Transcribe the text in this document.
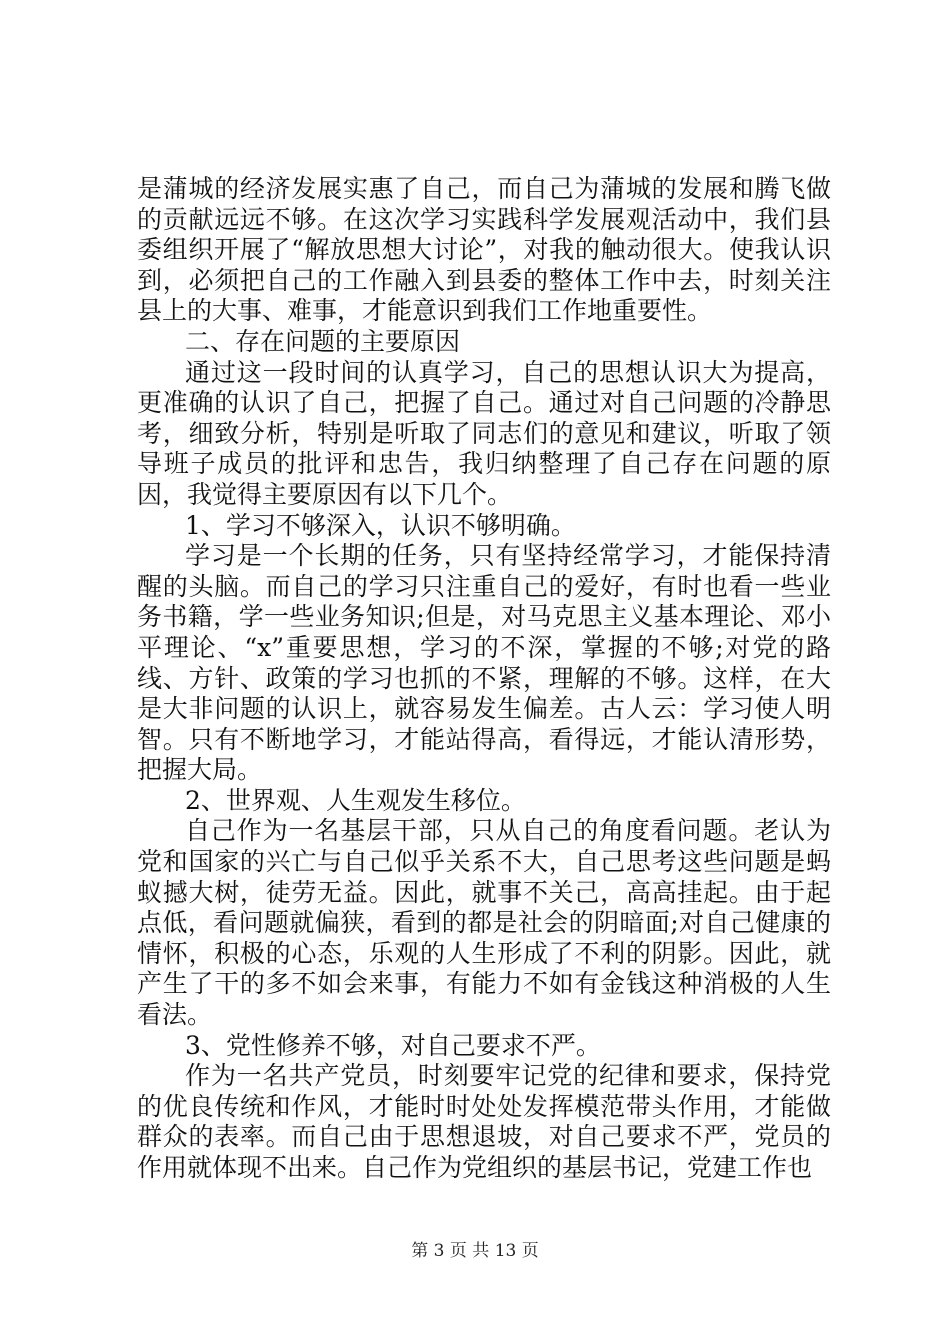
是蒲城的经济发展实惠了自己，而自己为蒲城的发展和腾飞做的贡献远远不够。在这次学习实践科学发展观活动中，我们县委组织开展了“解放思想大讨论”，对我的触动很大。使我认识到，必须把自己的工作融入到县委的整体工作中去，时刻关注县上的大事、难事，才能意识到我们工作地重要性。

二、存在问题的主要原因

通过这一段时间的认真学习，自己的思想认识大为提高，更准确的认识了自己，把握了自己。通过对自己问题的冷静思考，细致分析，特别是听取了同志们的意见和建议，听取了领导班子成员的批评和忠告，我归纳整理了自己存在问题的原因，我觉得主要原因有以下几个。

1、学习不够深入，认识不够明确。

学习是一个长期的任务，只有坚持经常学习，才能保持清醒的头脑。而自己的学习只注重自己的爱好，有时也看一些业务书籍，学一些业务知识;但是，对马克思主义基本理论、邓小平理论、“x”重要思想，学习的不深，掌握的不够;对党的路线、方针、政策的学习也抓的不紧，理解的不够。这样，在大是大非问题的认识上，就容易发生偏差。古人云：学习使人明智。只有不断地学习，才能站得高，看得远，才能认清形势，把握大局。

2、世界观、人生观发生移位。

自己作为一名基层干部，只从自己的角度看问题。老认为党和国家的兴亡与自己似乎关系不大，自己思考这些问题是蚂蚁撼大树，徒劳无益。因此，就事不关己，高高挂起。由于起点低，看问题就偏狭，看到的都是社会的阴暗面;对自己健康的情怀，积极的心态，乐观的人生形成了不利的阴影。因此，就产生了干的多不如会来事，有能力不如有金钱这种消极的人生看法。

3、党性修养不够，对自己要求不严。

作为一名共产党员，时刻要牢记党的纪律和要求，保持党的优良传统和作风，才能时时处处发挥模范带头作用，才能做群众的表率。而自己由于思想退坡，对自己要求不严，党员的作用就体现不出来。自己作为党组织的基层书记，党建工作也

第 3 页 共 13 页
